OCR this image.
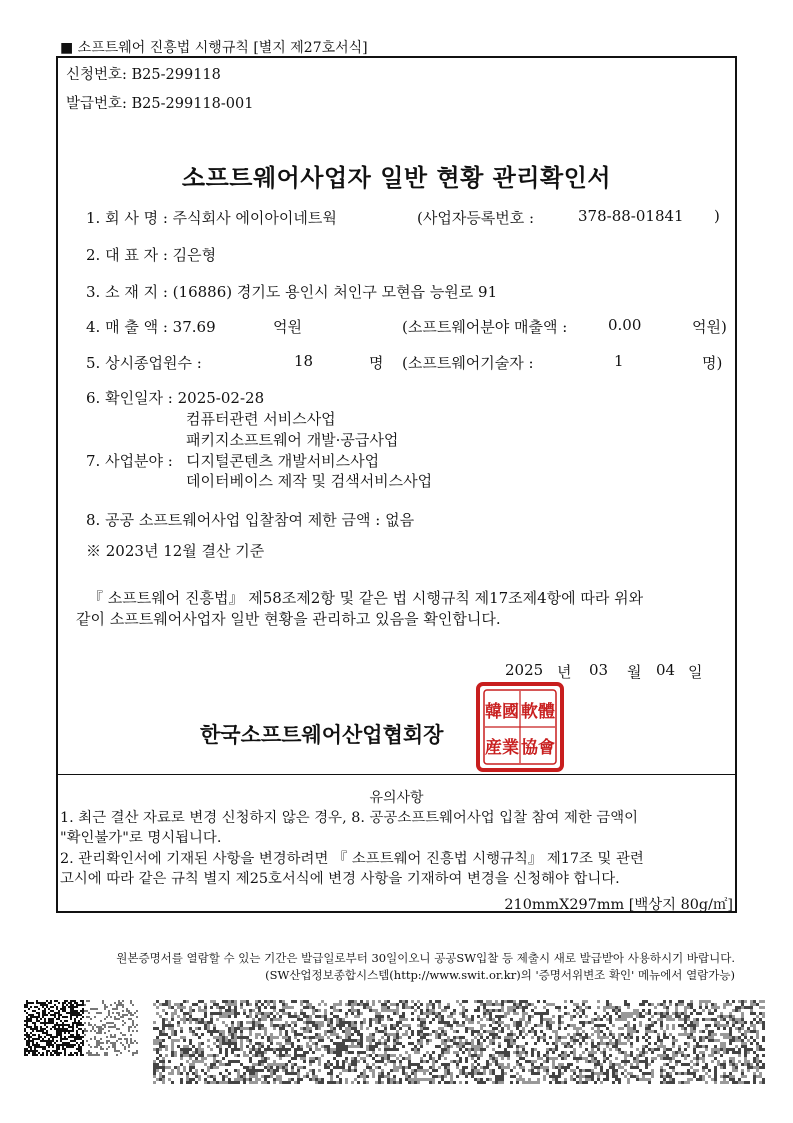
■ 소프트웨어 진흥법 시행규칙 [별지 제27호서식]
신청번호: B25-299118
발급번호: B25-299118-001
소프트웨어사업자 일반 현황 관리확인서
1. 회 사 명 : 주식회사 에이아이네트웍	(사업자등록번호 :	378-88-01841 )
2. 대 표 자 : 김은형
3. 소 재 지 : (16886) 경기도 용인시 처인구 모현읍 능원로 91
4. 매 출 액 : 37.69	억원	(소프트웨어분야 매출액 :	0.00	억원)
5. 상시종업원수 :	18	명 (소프트웨어기술자 :	1	명)
6. 확인일자 : 2025-02-28
컴퓨터관련 서비스사업
패키지소프트웨어 개발·공급사업
7. 사업분야 : 디지털콘텐츠 개발서비스사업
데이터베이스 제작 및 검색서비스사업
8. 공공 소프트웨어사업 입찰참여 제한 금액 : 없음
※ 2023년 12월 결산 기준
『 소프트웨어 진흥법』 제58조제2항 및 같은 법 시행규칙 제17조제4항에 따라 위와
같이 소프트웨어사업자 일반 현황을 관리하고 있음을 확인합니다.
2025 년 03 월 04 일
한국소프트웨어산업협회장
韓國 軟體
産業 協會
유의사항
1. 최근 결산 자료로 변경 신청하지 않은 경우, 8. 공공소프트웨어사업 입찰 참여 제한 금액이
"확인불가"로 명시됩니다.
2. 관리확인서에 기재된 사항을 변경하려면 『 소프트웨어 진흥법 시행규칙』 제17조 및 관련
고시에 따라 같은 규칙 별지 제25호서식에 변경 사항을 기재하여 변경을 신청해야 합니다.
210mmX297mm [백상지 80g/㎡]
원본증명서를 열람할 수 있는 기간은 발급일로부터 30일이오니 공공SW입찰 등 제출시 새로 발급받아 사용하시기 바랍니다.
(SW산업정보종합시스템(http://www.swit.or.kr)의 '증명서위변조 확인' 메뉴에서 열람가능)
